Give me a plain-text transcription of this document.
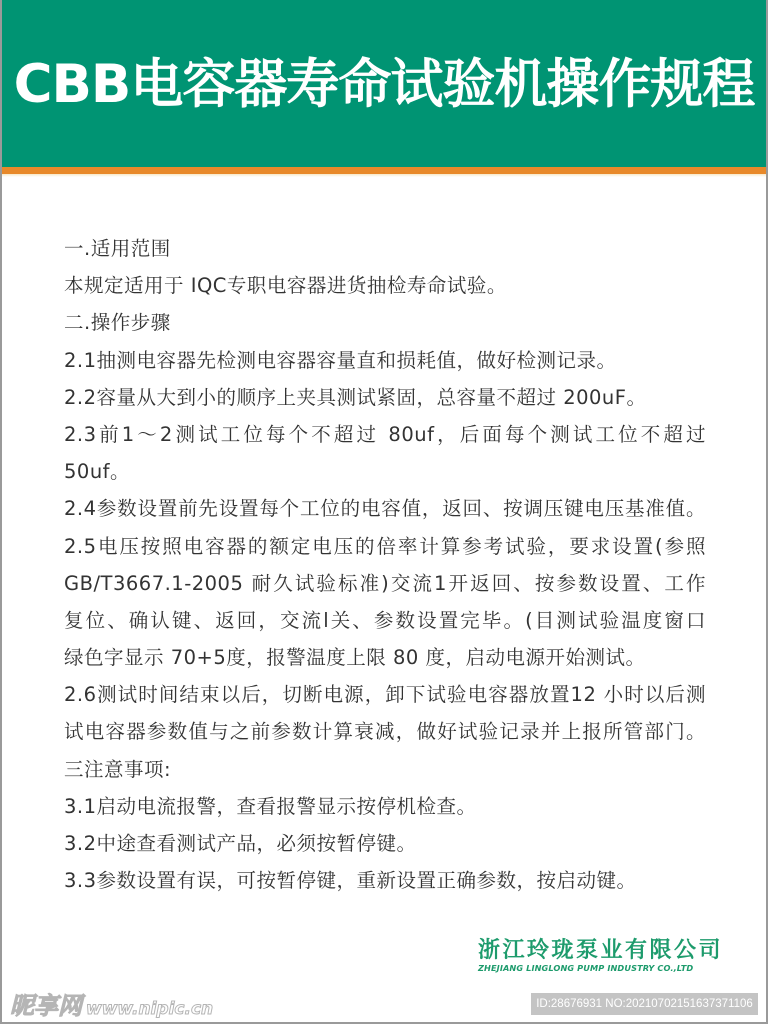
CBB电容器寿命试验机操作规程
一.适用范围
本规定适用于 IQC专职电容器进货抽检寿命试验。
二.操作步骤
2.1抽测电容器先检测电容器容量直和损耗值，做好检测记录。
2.2容量从大到小的顺序上夹具测试紧固，总容量不超过 200uF。
2.3前1～2测试工位每个不超过 80uf，后面每个测试工位不超过
50uf。
2.4参数设置前先设置每个工位的电容值，返回、按调压键电压基准值。
2.5电压按照电容器的额定电压的倍率计算参考试验，要求设置(参照
GB/T3667.1-2005 耐久试验标准)交流1开返回、按参数设置、工作
复位、确认键、返回，交流l关、参数设置完毕。(目测试验温度窗口
绿色字显示 70+5度，报警温度上限 80 度，启动电源开始测试。
2.6测试时间结束以后，切断电源，卸下试验电容器放置12 小时以后测
试电容器参数值与之前参数计算衰减，做好试验记录并上报所管部门。
三注意事项:
3.1启动电流报警，查看报警显示按停机检查。
3.2中途查看测试产品，必须按暂停键。
3.3参数设置有误，可按暂停键，重新设置正确参数，按启动键。
浙江玲珑泵业有限公司
ZHEJIANG LINGLONG PUMP INDUSTRY CO.,LTD
昵享网 www.nipic.cn	ID:28676931 NO:20210702151637371106
